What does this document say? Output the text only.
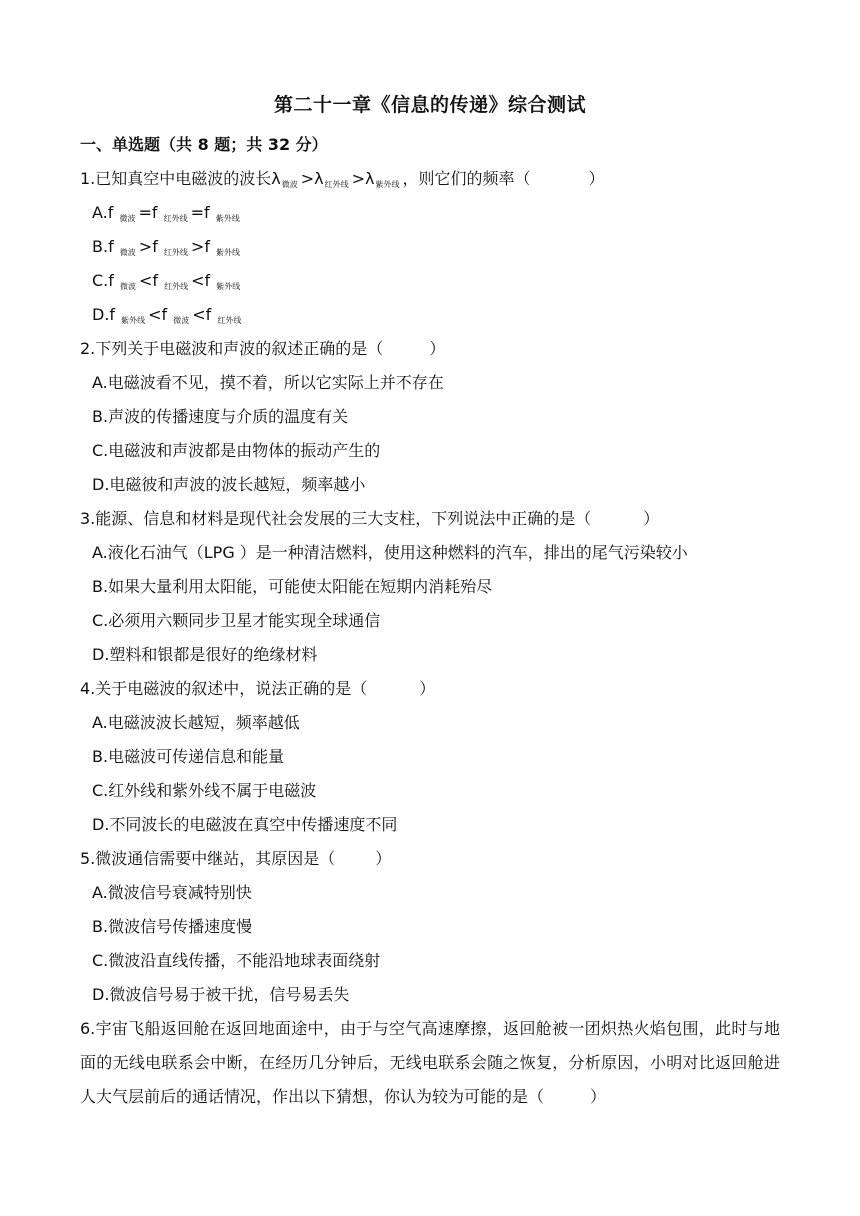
第二十一章《信息的传递》综合测试
一、单选题（共 8 题；共 32 分）
1.已知真空中电磁波的波长$\lambda_{微波} >\lambda_{红外线} >\lambda_{紫外线}$ ，则它们的频率（	）
A.f $_{微波}$ =f $_{红外线}$ =f $_{紫外线}$
B.f $_{微波}$ >f $_{红外线}$ >f $_{紫外线}$
C.f $_{微波}$ <f $_{红外线}$ <f $_{紫外线}$
D.f $_{紫外线}$ <f $_{微波}$ <f $_{红外线}$
2.下列关于电磁波和声波的叙述正确的是（	）
A.电磁波看不见，摸不着，所以它实际上并不存在
B.声波的传播速度与介质的温度有关
C.电磁波和声波都是由物体的振动产生的
D.电磁彼和声波的波长越短，频率越小
3.能源、信息和材料是现代社会发展的三大支柱，下列说法中正确的是（	）
A.液化石油气（LPG ）是一种清洁燃料，使用这种燃料的汽车，排出的尾气污染较小
B.如果大量利用太阳能，可能使太阳能在短期内消耗殆尽
C.必须用六颗同步卫星才能实现全球通信
D.塑料和银都是很好的绝缘材料
4.关于电磁波的叙述中，说法正确的是（	）
A.电磁波波长越短，频率越低
B.电磁波可传递信息和能量
C.红外线和紫外线不属于电磁波
D.不同波长的电磁波在真空中传播速度不同
5.微波通信需要中继站，其原因是（	）
A.微波信号衰减特别快
B.微波信号传播速度慢
C.微波沿直线传播，不能沿地球表面绕射
D.微波信号易于被干扰，信号易丢失
6.宇宙飞船返回舱在返回地面途中，由于与空气高速摩擦，返回舱被一团炽热火焰包围，此时与地面的无线电联系会中断，在经历几分钟后，无线电联系会随之恢复，分析原因，小明对比返回舱进人大气层前后的通话情况，作出以下猜想，你认为较为可能的是（	）
